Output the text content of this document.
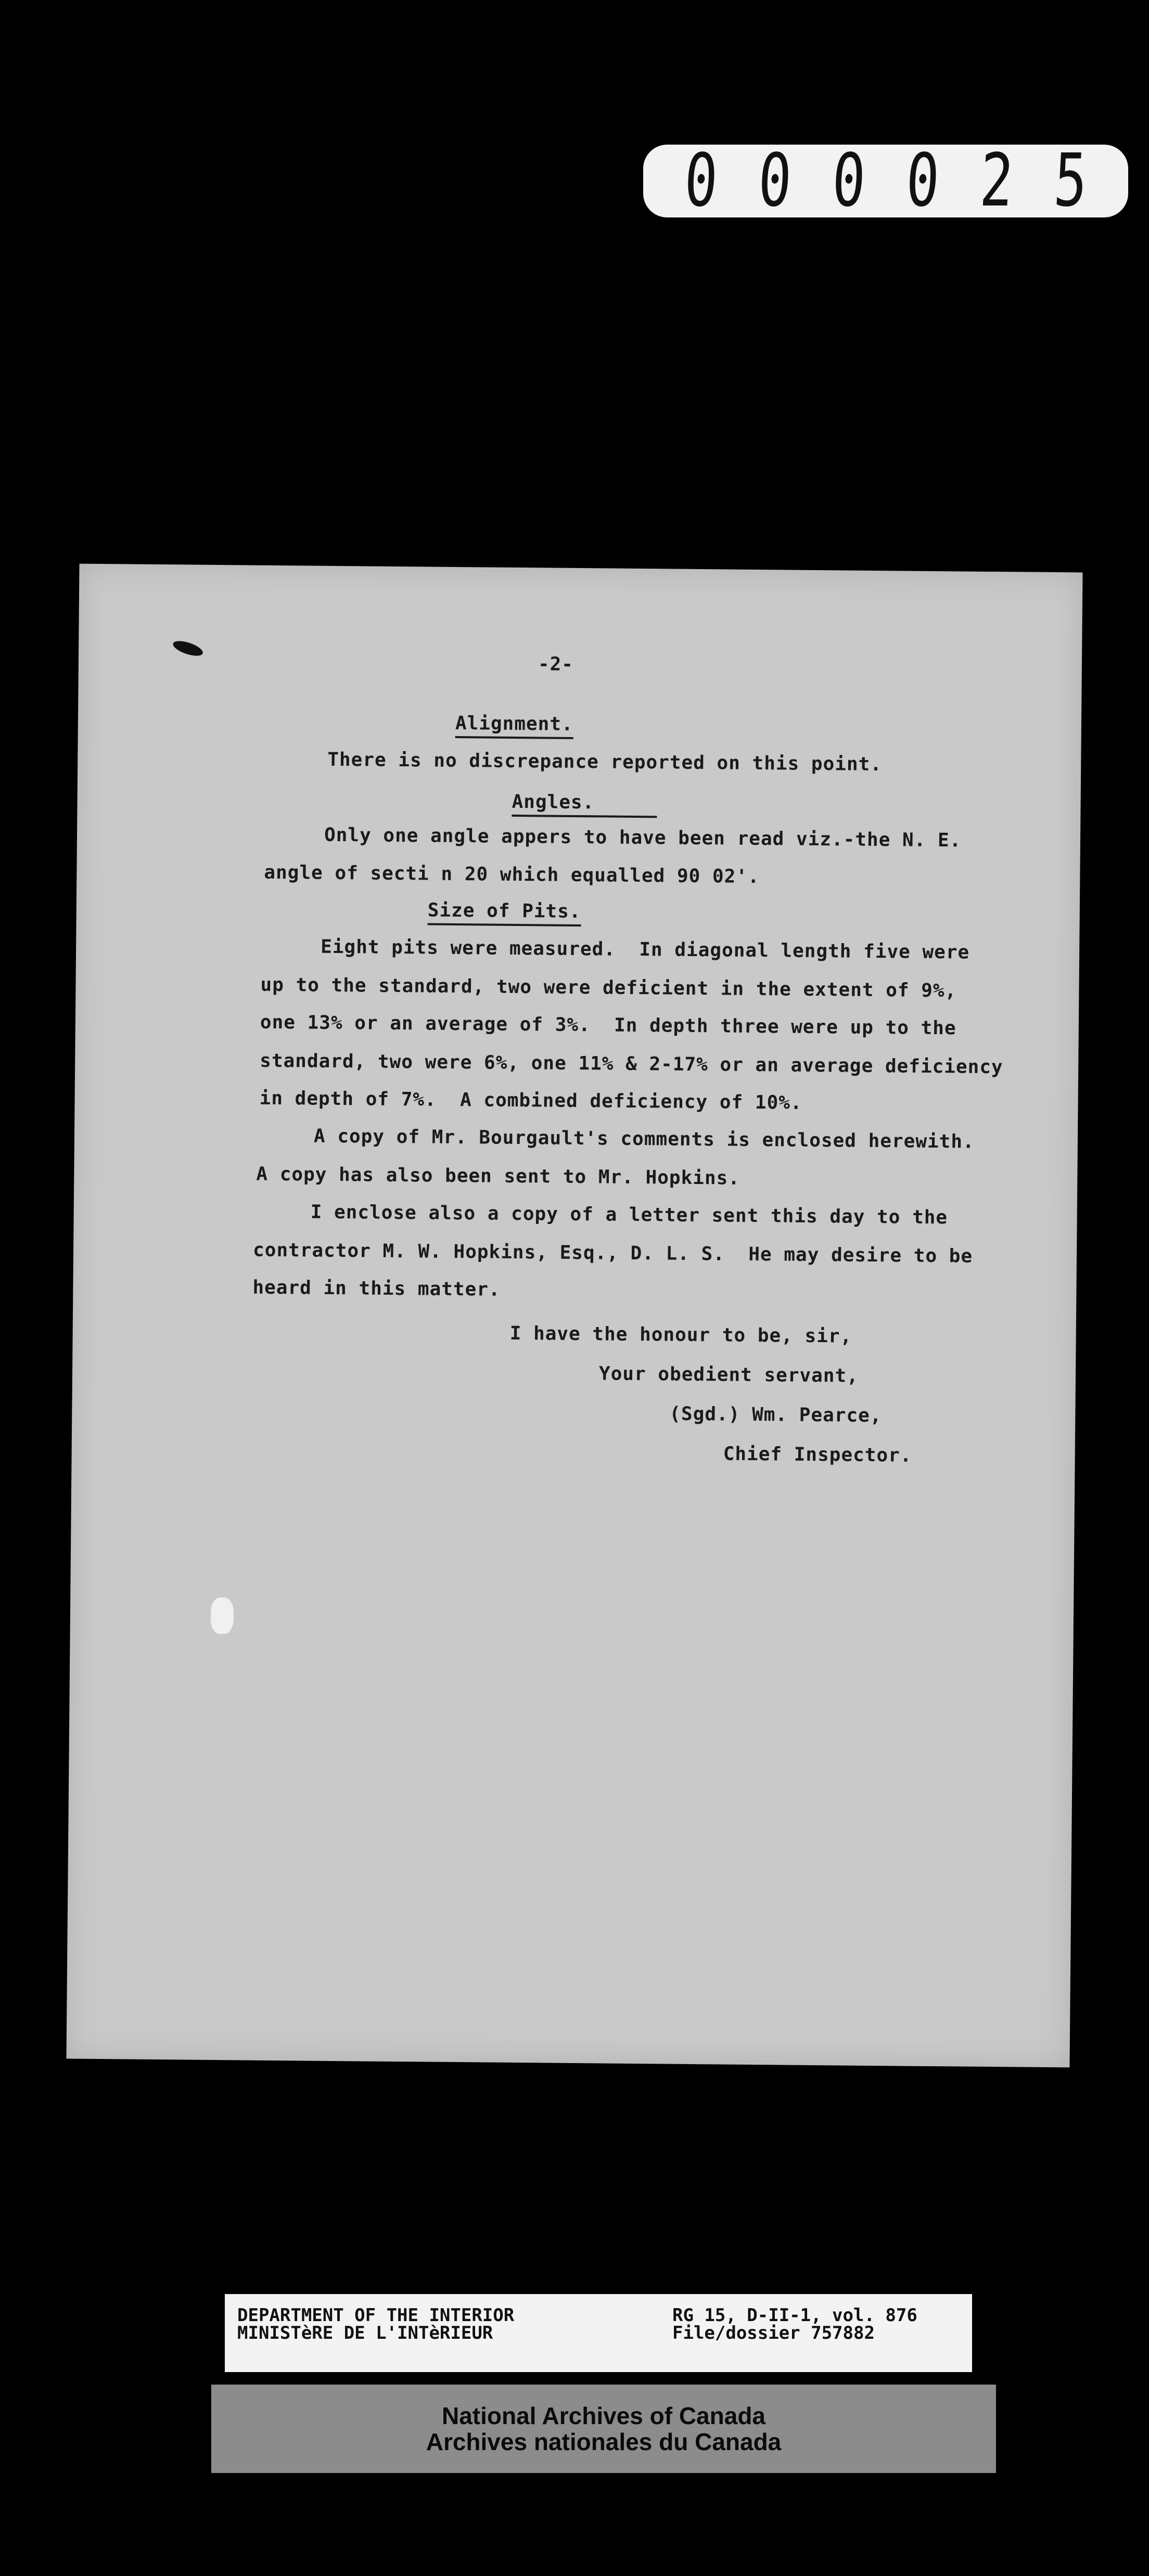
0 0 0 0 2 5
-2-
Alignment.
There is no discrepance reported on this point.
Angles.
Only one angle appers to have been read viz.-the N. E.
angle of secti n 20 which equalled 90 02'.
Size of Pits.
Eight pits were measured.  In diagonal length five were
up to the standard, two were deficient in the extent of 9%,
one 13% or an average of 3%.  In depth three were up to the
standard, two were 6%, one 11% & 2-17% or an average deficiency
in depth of 7%.  A combined deficiency of 10%.
A copy of Mr. Bourgault's comments is enclosed herewith.
A copy has also been sent to Mr. Hopkins.
I enclose also a copy of a letter sent this day to the
contractor M. W. Hopkins, Esq., D. L. S.  He may desire to be
heard in this matter.
I have the honour to be, sir,
Your obedient servant,
(Sgd.) Wm. Pearce,
Chief Inspector.
DEPARTMENT OF THE INTERIOR
MINISTèRE DE L'INTèRIEUR
RG 15, D-II-1, vol. 876
File/dossier 757882
National Archives of Canada
Archives nationales du Canada
